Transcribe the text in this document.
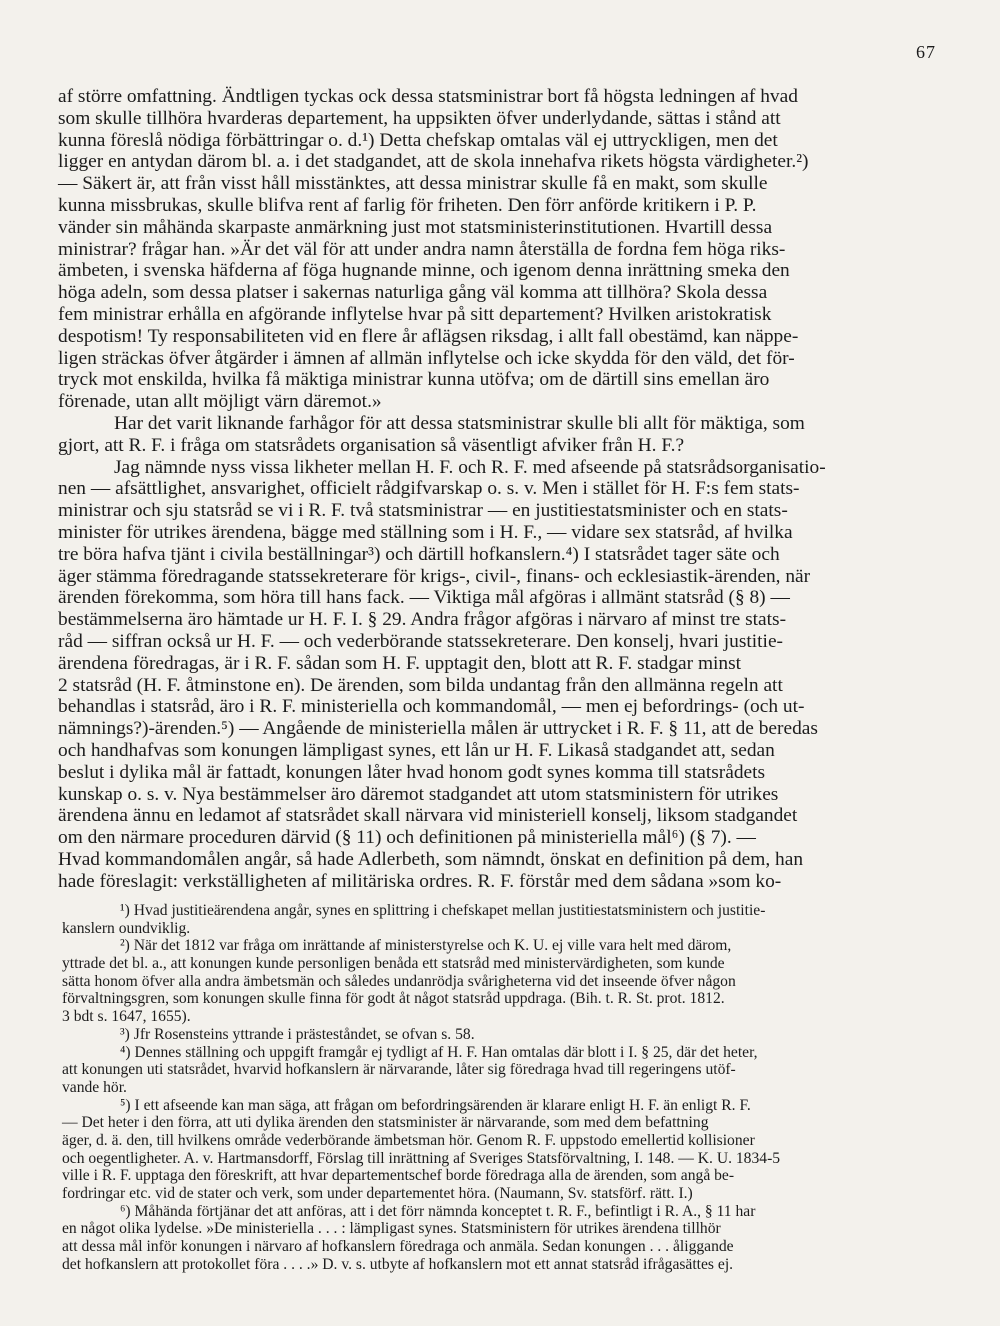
67
af större omfattning. Ändtligen tyckas ock dessa statsministrar bort få högsta ledningen af hvad
som skulle tillhöra hvarderas departement, ha uppsikten öfver underlydande, sättas i stånd att
kunna föreslå nödiga förbättringar o. d.¹) Detta chefskap omtalas väl ej uttryckligen, men det
ligger en antydan därom bl. a. i det stadgandet, att de skola innehafva rikets högsta värdigheter.²)
— Säkert är, att från visst håll misstänktes, att dessa ministrar skulle få en makt, som skulle
kunna missbrukas, skulle blifva rent af farlig för friheten. Den förr anförde kritikern i P. P.
vänder sin måhända skarpaste anmärkning just mot statsministerinstitutionen. Hvartill dessa
ministrar? frågar han. »Är det väl för att under andra namn återställa de fordna fem höga riks-
ämbeten, i svenska häfderna af föga hugnande minne, och igenom denna inrättning smeka den
höga adeln, som dessa platser i sakernas naturliga gång väl komma att tillhöra? Skola dessa
fem ministrar erhålla en afgörande inflytelse hvar på sitt departement? Hvilken aristokratisk
despotism! Ty responsabiliteten vid en flere år aflägsen riksdag, i allt fall obestämd, kan näppe-
ligen sträckas öfver åtgärder i ämnen af allmän inflytelse och icke skydda för den väld, det för-
tryck mot enskilda, hvilka få mäktiga ministrar kunna utöfva; om de därtill sins emellan äro
förenade, utan allt möjligt värn däremot.»
Har det varit liknande farhågor för att dessa statsministrar skulle bli allt för mäktiga, som
gjort, att R. F. i fråga om statsrådets organisation så väsentligt afviker från H. F.?
Jag nämnde nyss vissa likheter mellan H. F. och R. F. med afseende på statsrådsorganisatio-
nen — afsättlighet, ansvarighet, officielt rådgifvarskap o. s. v. Men i stället för H. F:s fem stats-
ministrar och sju statsråd se vi i R. F. två statsministrar — en justitiestatsminister och en stats-
minister för utrikes ärendena, bägge med ställning som i H. F., — vidare sex statsråd, af hvilka
tre böra hafva tjänt i civila beställningar³) och därtill hofkanslern.⁴) I statsrådet tager säte och
äger stämma föredragande statssekreterare för krigs-, civil-, finans- och ecklesiastik-ärenden, när
ärenden förekomma, som höra till hans fack. — Viktiga mål afgöras i allmänt statsråd (§ 8) —
bestämmelserna äro hämtade ur H. F. I. § 29. Andra frågor afgöras i närvaro af minst tre stats-
råd — siffran också ur H. F. — och vederbörande statssekreterare. Den konselj, hvari justitie-
ärendena föredragas, är i R. F. sådan som H. F. upptagit den, blott att R. F. stadgar minst
2 statsråd (H. F. åtminstone en). De ärenden, som bilda undantag från den allmänna regeln att
behandlas i statsråd, äro i R. F. ministeriella och kommandomål, — men ej befordrings- (och ut-
nämnings?)-ärenden.⁵) — Angående de ministeriella målen är uttrycket i R. F. § 11, att de beredas
och handhafvas som konungen lämpligast synes, ett lån ur H. F. Likaså stadgandet att, sedan
beslut i dylika mål är fattadt, konungen låter hvad honom godt synes komma till statsrådets
kunskap o. s. v. Nya bestämmelser äro däremot stadgandet att utom statsministern för utrikes
ärendena ännu en ledamot af statsrådet skall närvara vid ministeriell konselj, liksom stadgandet
om den närmare proceduren därvid (§ 11) och definitionen på ministeriella mål⁶) (§ 7). —
Hvad kommandomålen angår, så hade Adlerbeth, som nämndt, önskat en definition på dem, han
hade föreslagit: verkställigheten af militäriska ordres. R. F. förstår med dem sådana »som ko-
¹) Hvad justitieärendena angår, synes en splittring i chefskapet mellan justitiestatsministern och justitie-
kanslern oundviklig.
²) När det 1812 var fråga om inrättande af ministerstyrelse och K. U. ej ville vara helt med därom,
yttrade det bl. a., att konungen kunde personligen benåda ett statsråd med ministervärdigheten, som kunde
sätta honom öfver alla andra ämbetsmän och således undanrödja svårigheterna vid det inseende öfver någon
förvaltningsgren, som konungen skulle finna för godt åt något statsråd uppdraga. (Bih. t. R. St. prot. 1812.
3 bdt s. 1647, 1655).
³) Jfr Rosensteins yttrande i prästeståndet, se ofvan s. 58.
⁴) Dennes ställning och uppgift framgår ej tydligt af H. F. Han omtalas där blott i I. § 25, där det heter,
att konungen uti statsrådet, hvarvid hofkanslern är närvarande, låter sig föredraga hvad till regeringens utöf-
vande hör.
⁵) I ett afseende kan man säga, att frågan om befordringsärenden är klarare enligt H. F. än enligt R. F.
— Det heter i den förra, att uti dylika ärenden den statsminister är närvarande, som med dem befattning
äger, d. ä. den, till hvilkens område vederbörande ämbetsman hör. Genom R. F. uppstodo emellertid kollisioner
och oegentligheter. A. v. Hartmansdorff, Förslag till inrättning af Sveriges Statsförvaltning, I. 148. — K. U. 1834-5
ville i R. F. upptaga den föreskrift, att hvar departementschef borde föredraga alla de ärenden, som angå be-
fordringar etc. vid de stater och verk, som under departementet höra. (Naumann, Sv. statsförf. rätt. I.)
⁶) Måhända förtjänar det att anföras, att i det förr nämnda konceptet t. R. F., befintligt i R. A., § 11 har
en något olika lydelse. »De ministeriella . . . : lämpligast synes. Statsministern för utrikes ärendena tillhör
att dessa mål inför konungen i närvaro af hofkanslern föredraga och anmäla. Sedan konungen . . . åliggande
det hofkanslern att protokollet föra . . . .» D. v. s. utbyte af hofkanslern mot ett annat statsråd ifrågasättes ej.
